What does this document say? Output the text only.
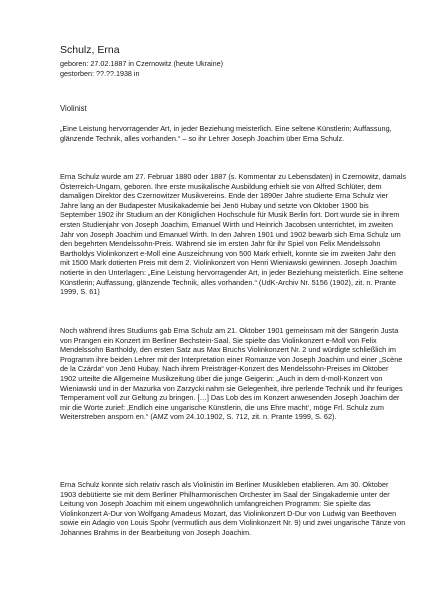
Schulz, Erna
geboren: 27.02.1887 in Czernowitz (heute Ukraine)
gestorben: ??.??.1938 in
Violinist

„Eine Leistung hervorragender Art, in jeder Beziehung meisterlich. Eine seltene Künstlerin; Auffassung, glänzende Technik, alles vorhanden.“ – so ihr Lehrer Joseph Joachim über Erna Schulz.

Erna Schulz wurde am 27. Februar 1880 oder 1887 (s. Kommentar zu Lebensdaten) in Czernowitz, damals Österreich-Ungarn, geboren. Ihre erste musikalische Ausbildung erhielt sie von Alfred Schlüter, dem damaligen Direktor des Czernowitzer Musikvereins. Ende der 1890er Jahre studierte Erna Schulz vier Jahre lang an der Budapester Musikakademie bei Jenö Hubay und setzte von Oktober 1900 bis September 1902 ihr Studium an der Königlichen Hochschule für Musik Berlin fort. Dort wurde sie in ihrem ersten Studienjahr von Joseph Joachim, Emanuel Wirth und Heinrich Jacobsen unterrichtet, im zweiten Jahr von Joseph Joachim und Emanuel Wirth. In den Jahren 1901 und 1902 bewarb sich Erna Schulz um den begehrten Mendelssohn-Preis. Während sie im ersten Jahr für ihr Spiel von Felix Mendelssohn Bartholdys Violinkonzert e-Moll eine Auszeichnung von 500 Mark erhielt, konnte sie im zweiten Jahr den mit 1500 Mark dotierten Preis mit dem 2. Violinkonzert von Henri Wieniawski gewinnen. Joseph Joachim notierte in den Unterlagen: „Eine Leistung hervorragender Art, in jeder Beziehung meisterlich. Eine seltene Künstlerin; Auffassung, glänzende Technik, alles vorhanden.“ (UdK-Archiv Nr. 5156 (1902), zit. n. Prante 1999, S. 61)

Noch während ihres Studiums gab Erna Schulz am 21. Oktober 1901 gemeinsam mit der Sängerin Justa von Prangen ein Konzert im Berliner Bechstein-Saal. Sie spielte das Violinkonzert e-Moll von Felix Mendelssohn Bartholdy, den ersten Satz aus Max Bruchs Violinkonzert Nr. 2 und würdigte schließlich im Programm ihre beiden Lehrer mit der Interpretation einer Romanze von Joseph Joachim und einer „Scène de la Czárda“ von Jenö Hubay. Nach ihrem Preisträger-Konzert des Mendelssohn-Preises im Oktober 1902 urteilte die Allgemeine Musikzeitung über die junge Geigerin: „Auch in dem d-moll-Konzert von Wieniawski und in der Mazurka von Zarzycki nahm sie Gelegenheit, ihre perlende Technik und ihr feuriges Temperament voll zur Geltung zu bringen. […] Das Lob des im Konzert anwesenden Joseph Joachim der mir die Worte zurief: ‚Endlich eine ungarische Künstlerin, die uns Ehre macht‘, möge Frl. Schulz zum Weiterstreben ansporn en.“ (AMZ vom 24.10.1902, S. 712, zit. n. Prante 1999, S. 62).

Erna Schulz konnte sich relativ rasch als Violinistin im Berliner Musikleben etablieren. Am 30. Oktober 1903 debütierte sie mit dem Berliner Philharmonischen Orchester im Saal der Singakademie unter der Leitung von Joseph Joachim mit einem ungewöhnlich umfangreichen Programm: Sie spielte das Violinkonzert A-Dur von Wolfgang Amadeus Mozart, das Violinkonzert D-Dur von Ludwig van Beethoven sowie ein Adagio von Louis Spohr (vermutlich aus dem Violinkonzert Nr. 9) und zwei ungarische Tänze von Johannes Brahms in der Bearbeitung von Joseph Joachim.
